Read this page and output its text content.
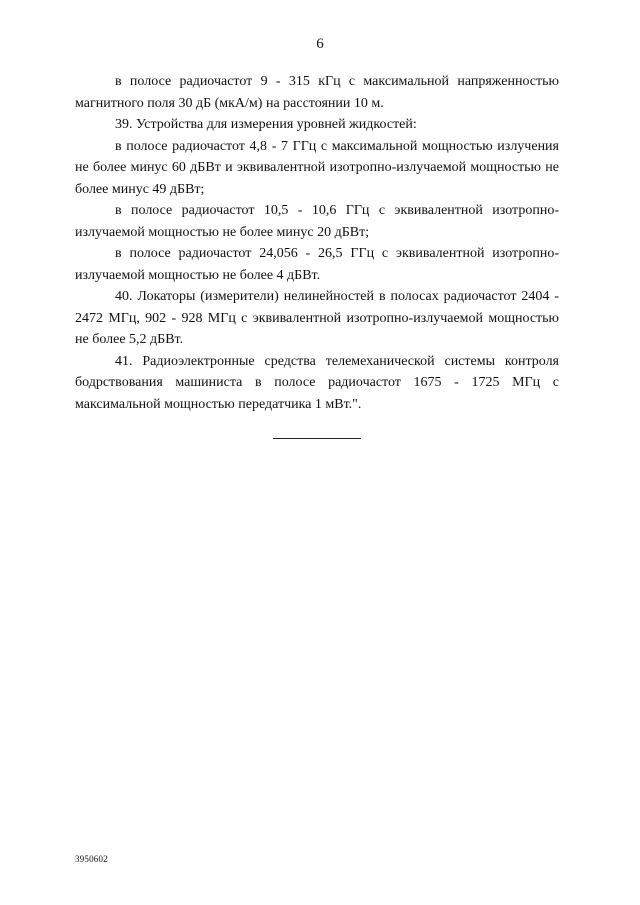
6

в полосе радиочастот 9 - 315 кГц с максимальной напряженностью магнитного поля 30 дБ (мкА/м) на расстоянии 10 м.

39. Устройства для измерения уровней жидкостей:

в полосе радиочастот 4,8 - 7 ГГц с максимальной мощностью излучения не более минус 60 дБВт и эквивалентной изотропно-излучаемой мощностью не более минус 49 дБВт;

в полосе радиочастот 10,5 - 10,6 ГГц с эквивалентной изотропно-излучаемой мощностью не более минус 20 дБВт;

в полосе радиочастот 24,056 - 26,5 ГГц с эквивалентной изотропно-излучаемой мощностью не более 4 дБВт.

40. Локаторы (измерители) нелинейностей в полосах радиочастот 2404 - 2472 МГц, 902 - 928 МГц с эквивалентной изотропно-излучаемой мощностью не более 5,2 дБВт.

41. Радиоэлектронные средства телемеханической системы контроля бодрствования машиниста в полосе радиочастот 1675 - 1725 МГц с максимальной мощностью передатчика 1 мВт.".

3950602
